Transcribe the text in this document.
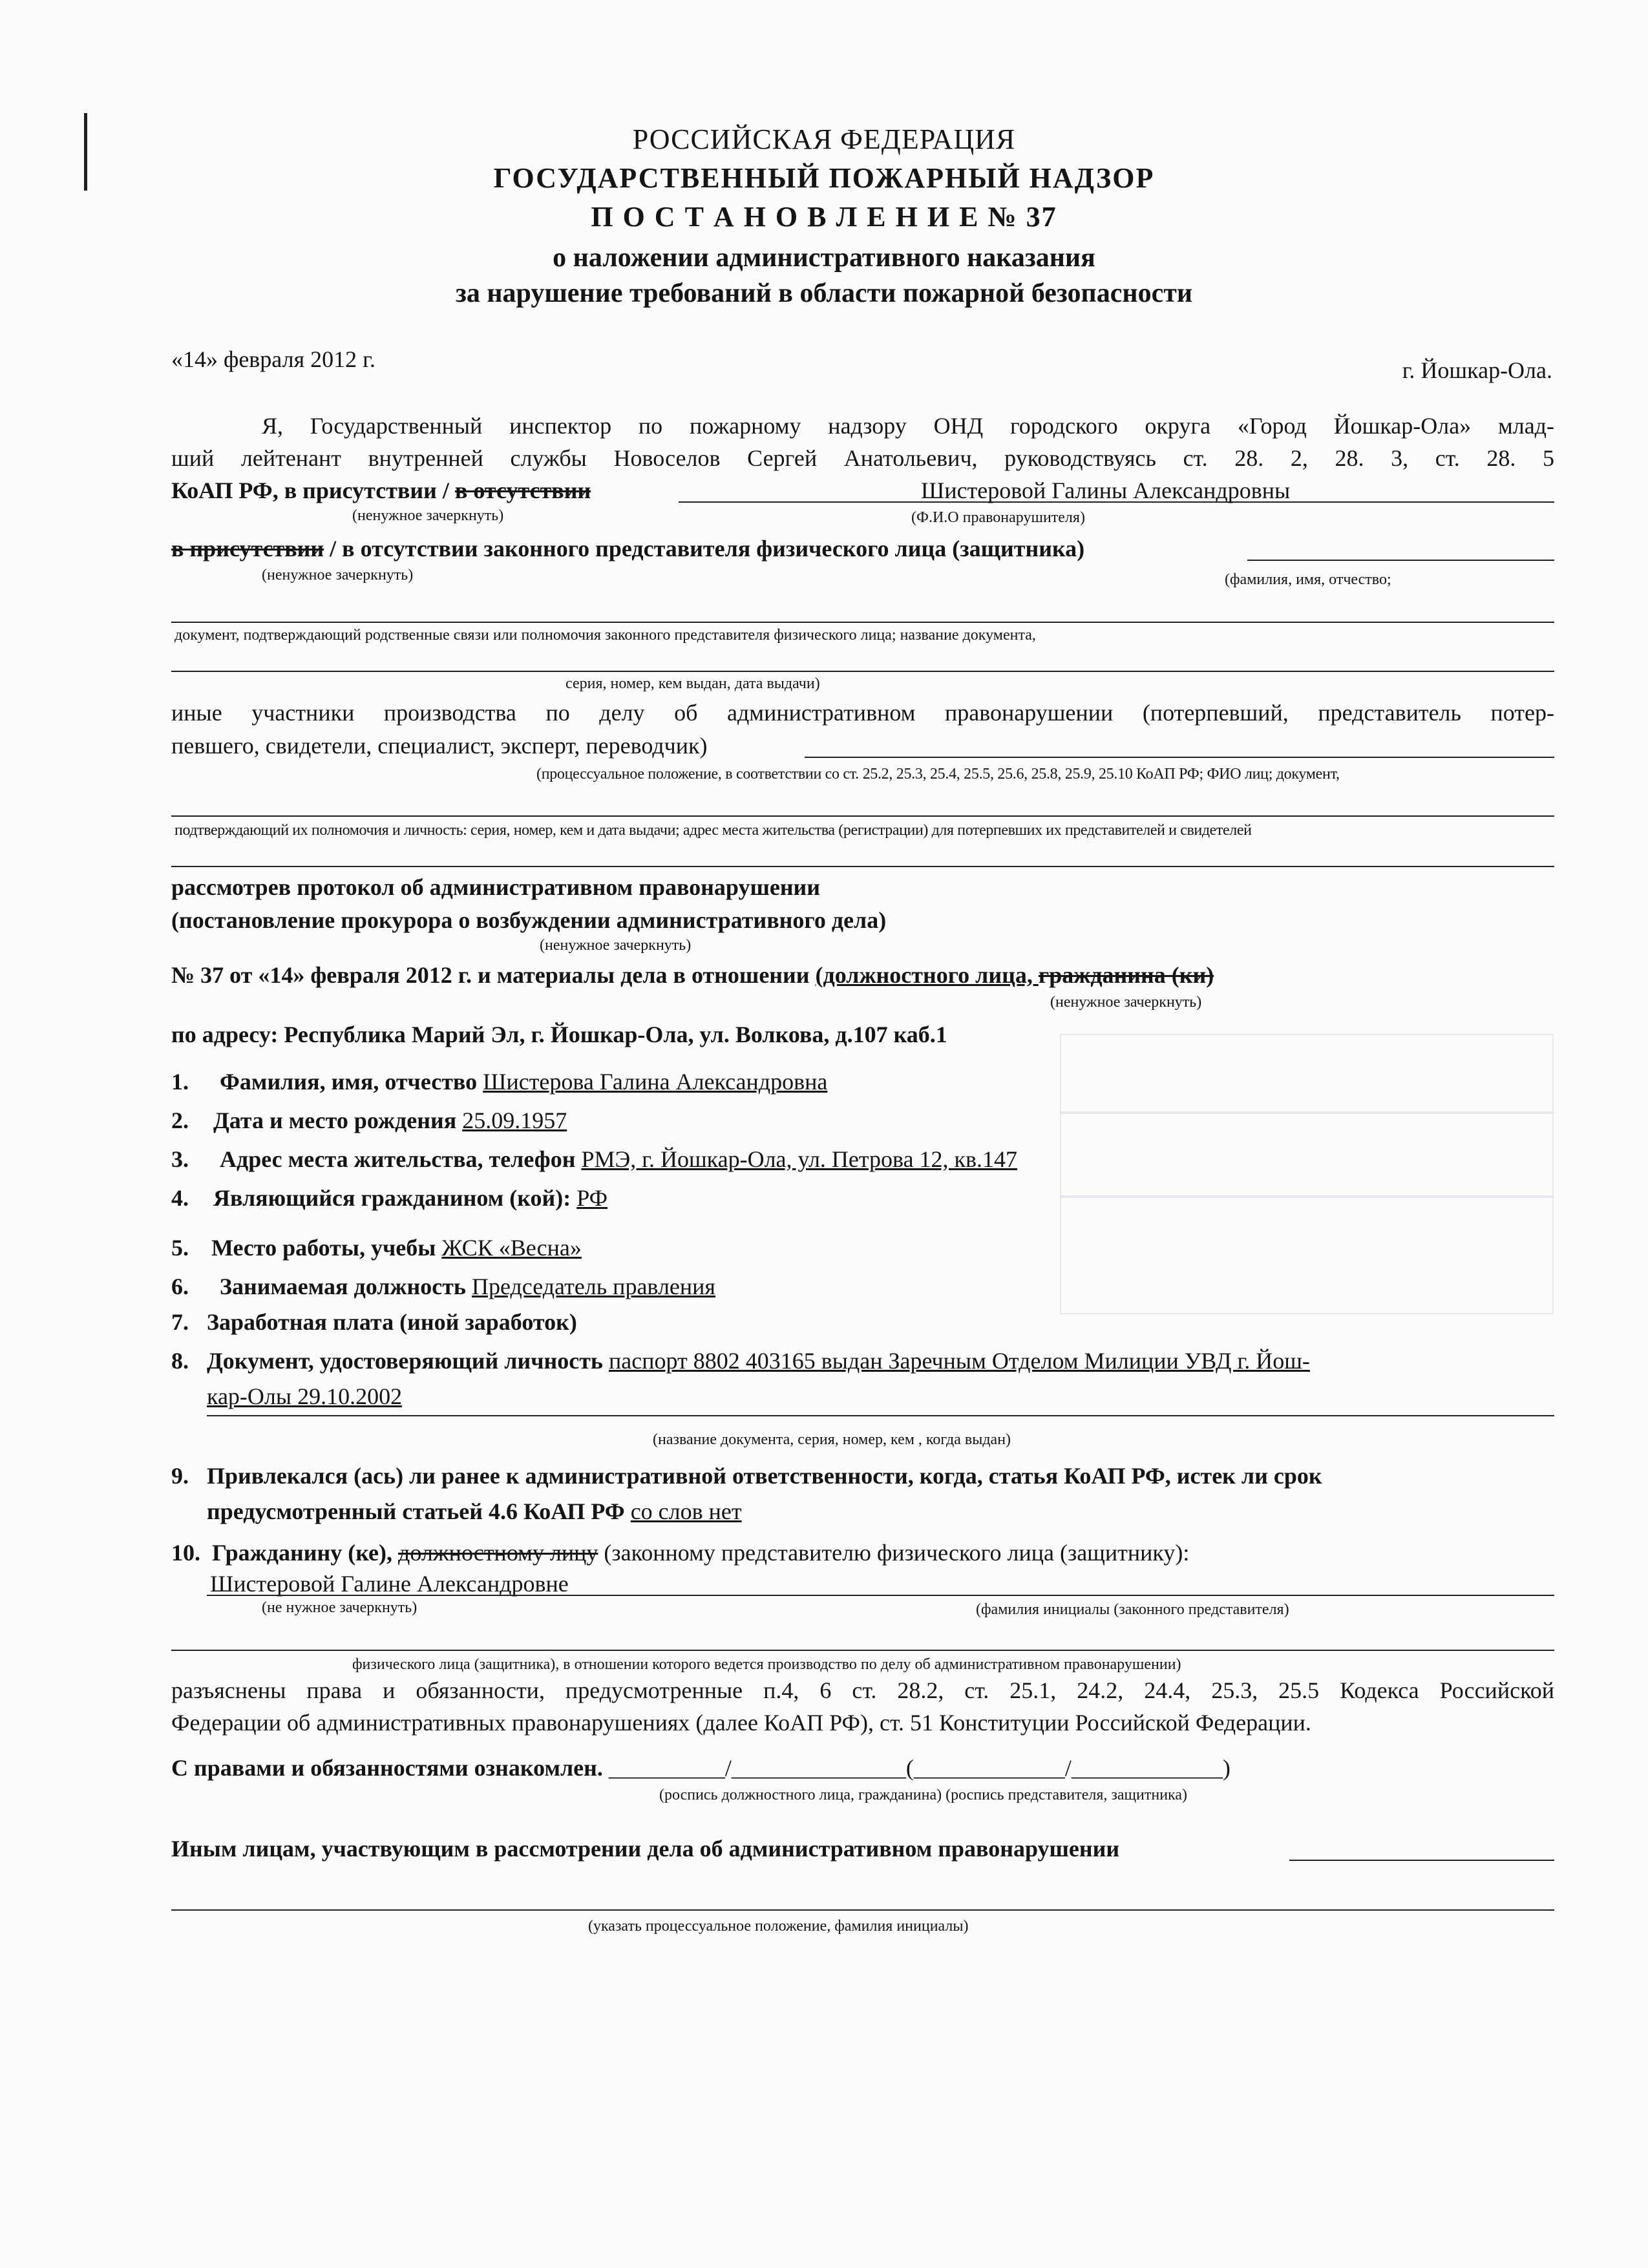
РОССИЙСКАЯ ФЕДЕРАЦИЯ
ГОСУДАРСТВЕННЫЙ ПОЖАРНЫЙ НАДЗОР
П О С Т А Н О В Л Е Н И Е № 37
о наложении административного наказания
за нарушение требований в области пожарной безопасности
«14» февраля 2012 г.	г. Йошкар-Ола.
Я, Государственный инспектор по пожарному надзору ОНД городского округа «Город Йошкар-Ола» млад-
ший лейтенант внутренней службы Новоселов Сергей Анатольевич, руководствуясь ст. 28. 2, 28. 3, ст. 28. 5
КоАП РФ, в присутствии / в отсутствии	Шистеровой Галины Александровны
(ненужное зачеркнуть)	(Ф.И.О правонарушителя)
в присутствии / в отсутствии законного представителя физического лица (защитника)
(ненужное зачеркнуть)	(фамилия, имя, отчество;
документ, подтверждающий родственные связи или полномочия законного представителя физического лица; название документа,
серия, номер, кем выдан, дата выдачи)
иные участники производства по делу об административном правонарушении (потерпевший, представитель потер-
певшего, свидетели, специалист, эксперт, переводчик)
(процессуальное положение, в соответствии со ст. 25.2, 25.3, 25.4, 25.5, 25.6, 25.8, 25.9, 25.10 КоАП РФ; ФИО лиц; документ,
подтверждающий их полномочия и личность: серия, номер, кем и дата выдачи; адрес места жительства (регистрации) для потерпевших их представителей и свидетелей
рассмотрев протокол об административном правонарушении
(постановление прокурора о возбуждении административного дела)
(ненужное зачеркнуть)
№ 37 от «14» февраля 2012 г. и материалы дела в отношении (должностного лица, гражданина (ки)
(ненужное зачеркнуть)
по адресу: Республика Марий Эл, г. Йошкар-Ола, ул. Волкова, д.107 каб.1
1. Фамилия, имя, отчество Шистерова Галина Александровна
2. Дата и место рождения 25.09.1957
3. Адрес места жительства, телефон РМЭ, г. Йошкар-Ола, ул. Петрова 12, кв.147
4. Являющийся гражданином (кой): РФ
5. Место работы, учебы ЖСК «Весна»
6. Занимаемая должность Председатель правления
7. Заработная плата (иной заработок)
8. Документ, удостоверяющий личность паспорт 8802 403165 выдан Заречным Отделом Милиции УВД г. Йош-
кар-Олы 29.10.2002
(название документа, серия, номер, кем , когда выдан)
9. Привлекался (ась) ли ранее к административной ответственности, когда, статья КоАП РФ, истек ли срок
предусмотренный статьей 4.6 КоАП РФ со слов нет
10. Гражданину (ке), должностному лицу (законному представителю физического лица (защитнику):
Шистеровой Галине Александровне
(не нужное зачеркнуть)	(фамилия инициалы (законного представителя)
физического лица (защитника), в отношении которого ведется производство по делу об административном правонарушении)
разъяснены права и обязанности, предусмотренные п.4, 6 ст. 28.2, ст. 25.1, 24.2, 24.4, 25.3, 25.5 Кодекса Российской
Федерации об административных правонарушениях (далее КоАП РФ), ст. 51 Конституции Российской Федерации.
С правами и обязанностями ознакомлен. __________/_______________(_____________/_____________)
(роспись должностного лица, гражданина) (роспись представителя, защитника)
Иным лицам, участвующим в рассмотрении дела об административном правонарушении
(указать процессуальное положение, фамилия инициалы)
